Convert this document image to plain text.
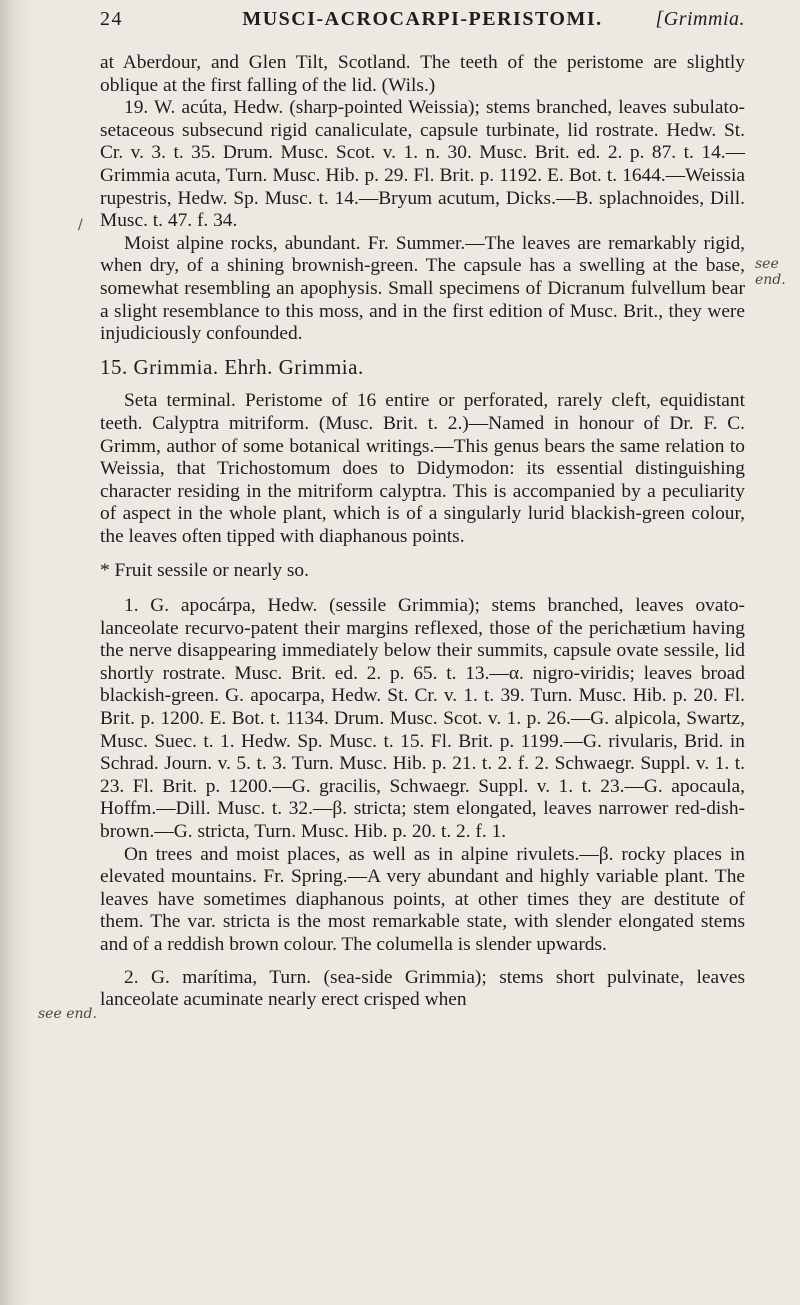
24	MUSCI-ACROCARPI-PERISTOMI.	[Grimmia.

at Aberdour, and Glen Tilt, Scotland. The teeth of the peristome are slightly oblique at the first falling of the lid. (Wils.)

19. W. acúta, Hedw. (sharp-pointed Weissia); stems branched, leaves subulato-setaceous subsecund rigid canaliculate, capsule turbinate, lid rostrate. Hedw. St. Cr. v. 3. t. 35. Drum. Musc. Scot. v. 1. n. 30. Musc. Brit. ed. 2. p. 87. t. 14.—Grimmia acuta, Turn. Musc. Hib. p. 29. Fl. Brit. p. 1192. E. Bot. t. 1644.—Weissia rupestris, Hedw. Sp. Musc. t. 14.—Bryum acutum, Dicks.—B. splachnoides, Dill. Musc. t. 47. f. 34.

Moist alpine rocks, abundant. Fr. Summer.—The leaves are remarkably rigid, when dry, of a shining brownish-green. The capsule has a swelling at the base, somewhat resembling an apophysis. Small specimens of Dicranum fulvellum bear a slight resemblance to this moss, and in the first edition of Musc. Brit., they were injudiciously confounded.

15. Grimmia. Ehrh. Grimmia.

Seta terminal. Peristome of 16 entire or perforated, rarely cleft, equidistant teeth. Calyptra mitriform. (Musc. Brit. t. 2.)—Named in honour of Dr. F. C. Grimm, author of some botanical writings.—This genus bears the same relation to Weissia, that Trichostomum does to Didymodon: its essential distinguishing character residing in the mitriform calyptra. This is accompanied by a peculiarity of aspect in the whole plant, which is of a singularly lurid blackish-green colour, the leaves often tipped with diaphanous points.

* Fruit sessile or nearly so.

1. G. apocárpa, Hedw. (sessile Grimmia); stems branched, leaves ovato-lanceolate recurvo-patent their margins reflexed, those of the perichætium having the nerve disappearing immediately below their summits, capsule ovate sessile, lid shortly rostrate. Musc. Brit. ed. 2. p. 65. t. 13.—α. nigro-viridis; leaves broad blackish-green. G. apocarpa, Hedw. St. Cr. v. 1. t. 39. Turn. Musc. Hib. p. 20. Fl. Brit. p. 1200. E. Bot. t. 1134. Drum. Musc. Scot. v. 1. p. 26.—G. alpicola, Swartz, Musc. Suec. t. 1. Hedw. Sp. Musc. t. 15. Fl. Brit. p. 1199.—G. rivularis, Brid. in Schrad. Journ. v. 5. t. 3. Turn. Musc. Hib. p. 21. t. 2. f. 2. Schwaegr. Suppl. v. 1. t. 23. Fl. Brit. p. 1200.—G. gracilis, Schwaegr. Suppl. v. 1. t. 23.—G. apocaula, Hoffm.—Dill. Musc. t. 32.—β. stricta; stem elongated, leaves narrower red-dish-brown.—G. stricta, Turn. Musc. Hib. p. 20. t. 2. f. 1.

On trees and moist places, as well as in alpine rivulets.—β. rocky places in elevated mountains. Fr. Spring.—A very abundant and highly variable plant. The leaves have sometimes diaphanous points, at other times they are destitute of them. The var. stricta is the most remarkable state, with slender elongated stems and of a reddish brown colour. The columella is slender upwards.

2. G. marítima, Turn. (sea-side Grimmia); stems short pulvinate, leaves lanceolate acuminate nearly erect crisped when

see end.
see end.
/
